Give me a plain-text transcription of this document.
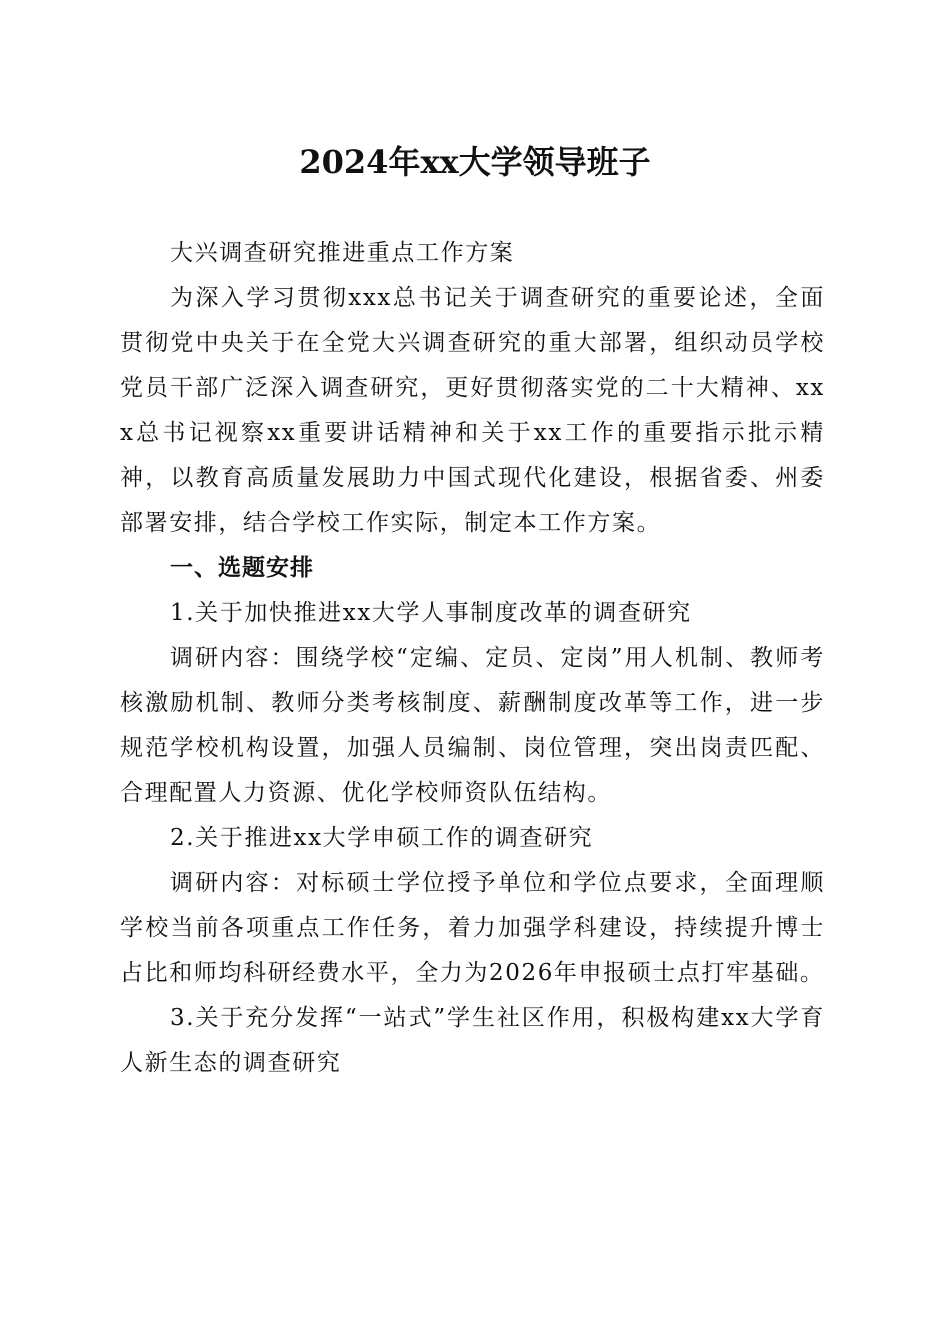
2024年xx大学领导班子

大兴调查研究推进重点工作方案

为深入学习贯彻xxx总书记关于调查研究的重要论述，全面贯彻党中央关于在全党大兴调查研究的重大部署，组织动员学校党员干部广泛深入调查研究，更好贯彻落实党的二十大精神、xxx总书记视察xx重要讲话精神和关于xx工作的重要指示批示精神，以教育高质量发展助力中国式现代化建设，根据省委、州委部署安排，结合学校工作实际，制定本工作方案。

一、选题安排

1.关于加快推进xx大学人事制度改革的调查研究

调研内容：围绕学校“定编、定员、定岗”用人机制、教师考核激励机制、教师分类考核制度、薪酬制度改革等工作，进一步规范学校机构设置，加强人员编制、岗位管理，突出岗责匹配、合理配置人力资源、优化学校师资队伍结构。

2.关于推进xx大学申硕工作的调查研究

调研内容：对标硕士学位授予单位和学位点要求，全面理顺学校当前各项重点工作任务，着力加强学科建设，持续提升博士占比和师均科研经费水平，全力为2026年申报硕士点打牢基础。

3.关于充分发挥“一站式”学生社区作用，积极构建xx大学育人新生态的调查研究
